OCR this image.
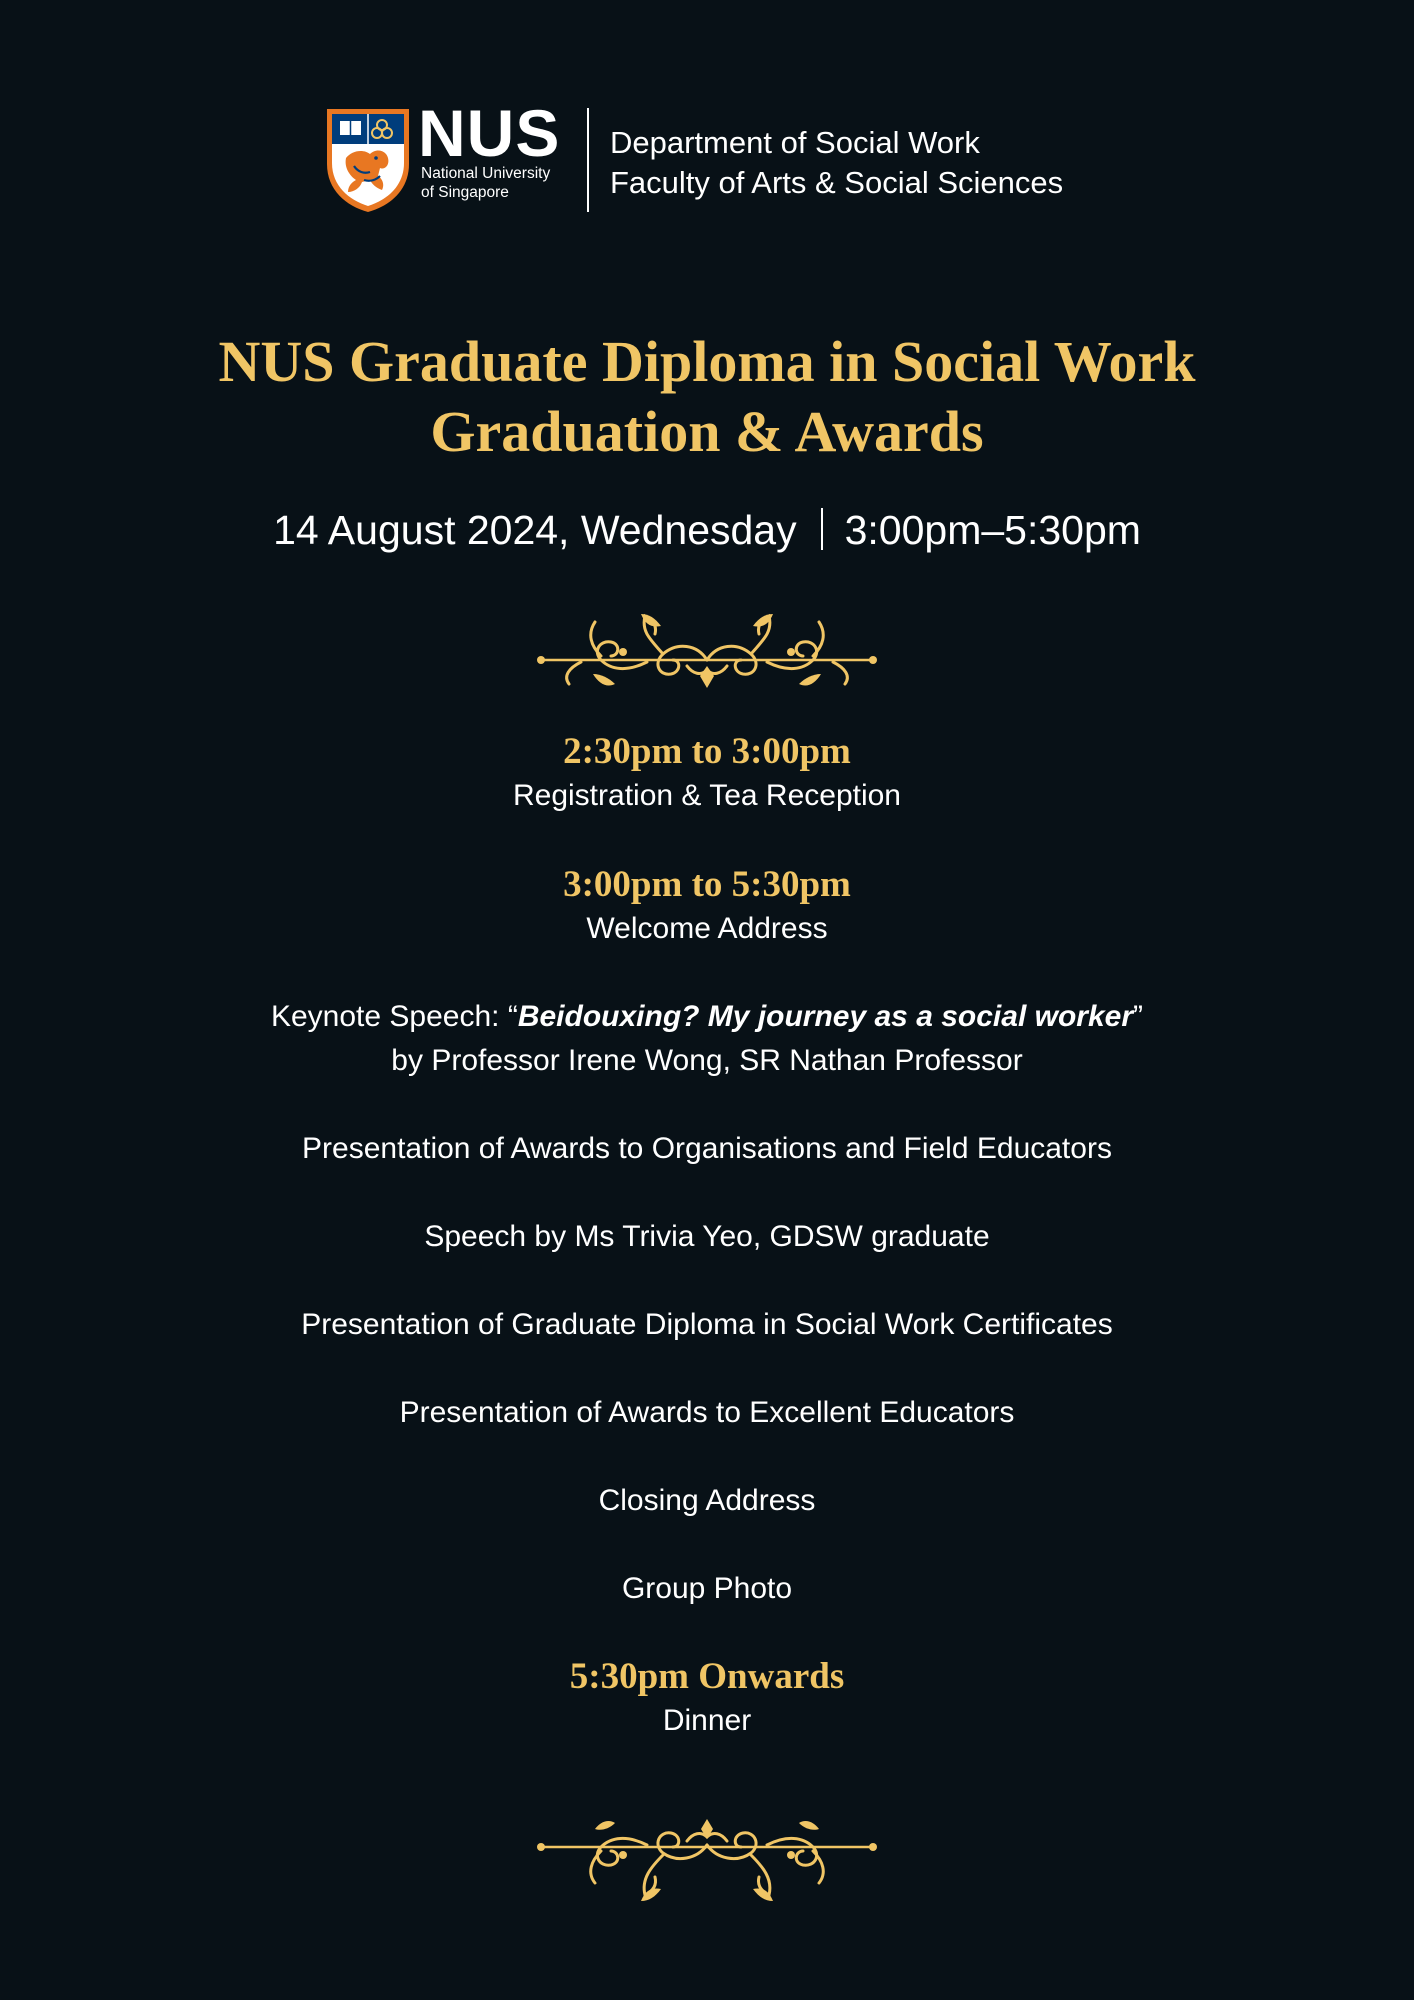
NUS
National University
of Singapore
Department of Social Work
Faculty of Arts & Social Sciences
NUS Graduate Diploma in Social Work
Graduation & Awards
14 August 2024, Wednesday 3:00pm–5:30pm
2:30pm to 3:00pm
Registration & Tea Reception
3:00pm to 5:30pm
Welcome Address
Keynote Speech: “Beidouxing? My journey as a social worker”
by Professor Irene Wong, SR Nathan Professor
Presentation of Awards to Organisations and Field Educators
Speech by Ms Trivia Yeo, GDSW graduate
Presentation of Graduate Diploma in Social Work Certificates
Presentation of Awards to Excellent Educators
Closing Address
Group Photo
5:30pm Onwards
Dinner
